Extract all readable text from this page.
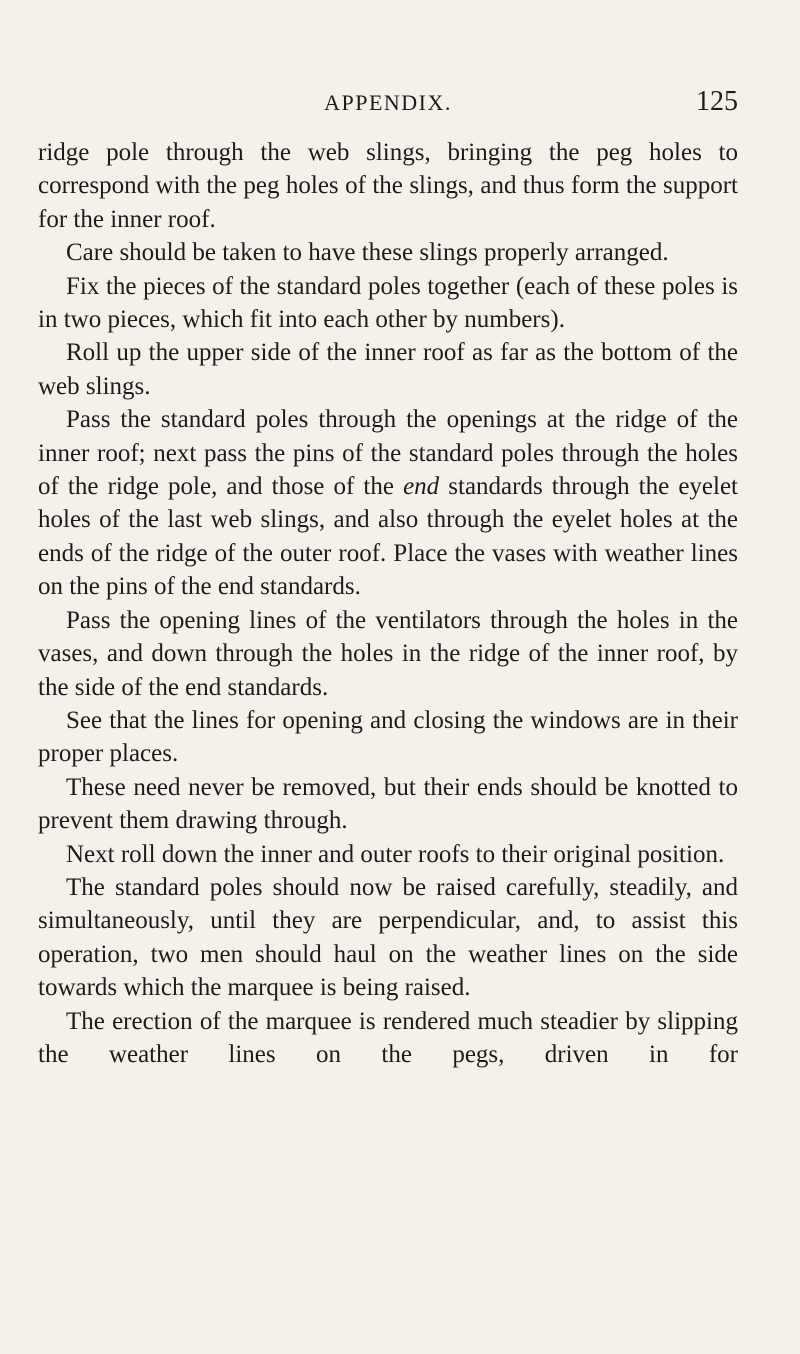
APPENDIX.	125

ridge pole through the web slings, bringing the peg holes to correspond with the peg holes of the slings, and thus form the support for the inner roof.

Care should be taken to have these slings properly arranged.

Fix the pieces of the standard poles together (each of these poles is in two pieces, which fit into each other by numbers).

Roll up the upper side of the inner roof as far as the bottom of the web slings.

Pass the standard poles through the openings at the ridge of the inner roof; next pass the pins of the standard poles through the holes of the ridge pole, and those of the end standards through the eyelet holes of the last web slings, and also through the eyelet holes at the ends of the ridge of the outer roof. Place the vases with weather lines on the pins of the end standards.

Pass the opening lines of the ventilators through the holes in the vases, and down through the holes in the ridge of the inner roof, by the side of the end standards.

See that the lines for opening and closing the windows are in their proper places.

These need never be removed, but their ends should be knotted to prevent them drawing through.

Next roll down the inner and outer roofs to their original position.

The standard poles should now be raised carefully, steadily, and simultaneously, until they are perpendicular, and, to assist this operation, two men should haul on the weather lines on the side towards which the marquee is being raised.

The erection of the marquee is rendered much steadier by slipping the weather lines on the pegs, driven in for
